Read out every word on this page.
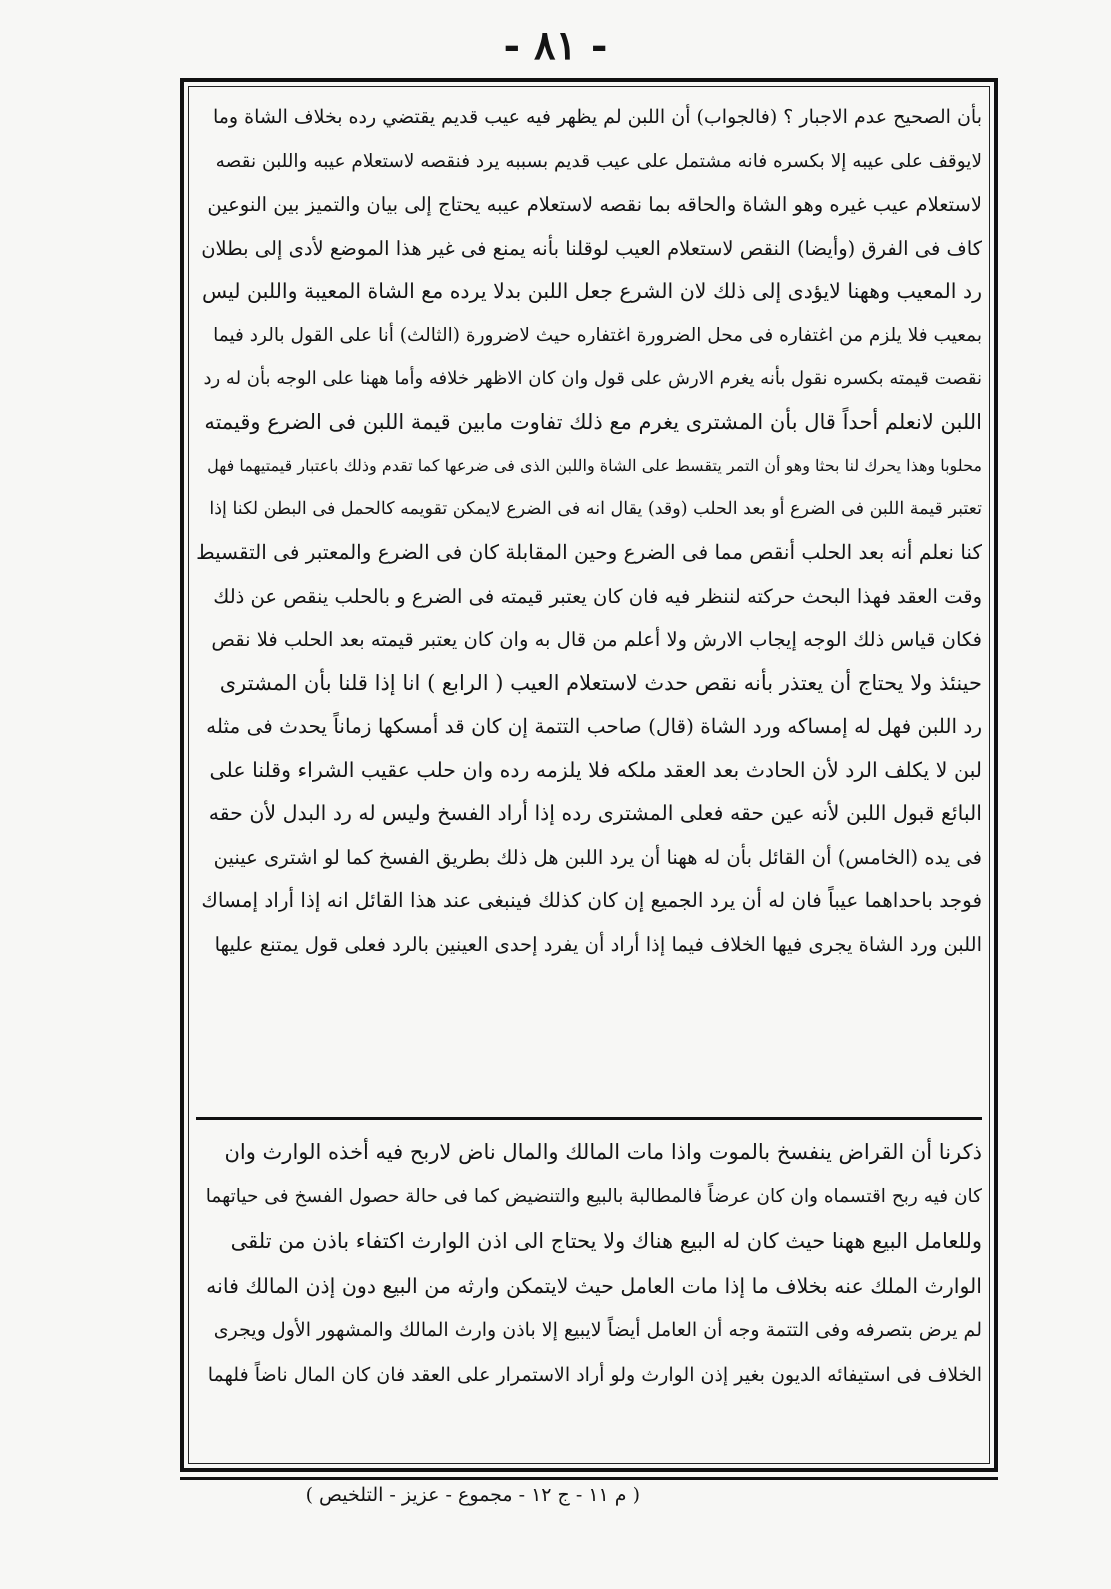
- ٨١ -
بأن الصحيح عدم الاجبار ؟ (فالجواب) أن اللبن لم يظهر فيه عيب قديم يقتضي رده بخلاف الشاة وما
لايوقف على عيبه إلا بكسره فانه مشتمل على عيب قديم بسببه يرد فنقصه لاستعلام عيبه واللبن نقصه
لاستعلام عيب غيره وهو الشاة والحاقه بما نقصه لاستعلام عيبه يحتاج إلى بيان والتميز بين النوعين
كاف فى الفرق (وأيضا) النقص لاستعلام العيب لوقلنا بأنه يمنع فى غير هذا الموضع لأدى إلى بطلان
رد المعيب وههنا لايؤدى إلى ذلك لان الشرع جعل اللبن بدلا يرده مع الشاة المعيبة واللبن ليس
بمعيب فلا يلزم من اغتفاره فى محل الضرورة اغتفاره حيث لاضرورة (الثالث) أنا على القول بالرد فيما
نقصت قيمته بكسره نقول بأنه يغرم الارش على قول وان كان الاظهر خلافه وأما ههنا على الوجه بأن له رد
اللبن لانعلم أحداً قال بأن المشترى يغرم مع ذلك تفاوت مابين قيمة اللبن فى الضرع وقيمته
محلوبا وهذا يحرك لنا بحثا وهو أن التمر يتقسط على الشاة واللبن الذى فى ضرعها كما تقدم وذلك باعتبار قيمتيهما فهل
تعتبر قيمة اللبن فى الضرع أو بعد الحلب (وقد) يقال انه فى الضرع لايمكن تقويمه كالحمل فى البطن لكنا إذا
كنا نعلم أنه بعد الحلب أنقص مما فى الضرع وحين المقابلة كان فى الضرع والمعتبر فى التقسيط
وقت العقد فهذا البحث حركته لننظر فيه فان كان يعتبر قيمته فى الضرع و بالحلب ينقص عن ذلك
فكان قياس ذلك الوجه إيجاب الارش ولا أعلم من قال به وان كان يعتبر قيمته بعد الحلب فلا نقص
حينئذ ولا يحتاج أن يعتذر بأنه نقص حدث لاستعلام العيب ( الرابع ) انا إذا قلنا بأن المشترى
رد اللبن فهل له إمساكه ورد الشاة (قال) صاحب التتمة إن كان قد أمسكها زماناً يحدث فى مثله
لبن لا يكلف الرد لأن الحادث بعد العقد ملكه فلا يلزمه رده وان حلب عقيب الشراء وقلنا على
البائع قبول اللبن لأنه عين حقه فعلى المشترى رده إذا أراد الفسخ وليس له رد البدل لأن حقه
فى يده (الخامس) أن القائل بأن له ههنا أن يرد اللبن هل ذلك بطريق الفسخ كما لو اشترى عينين
فوجد باحداهما عيباً فان له أن يرد الجميع إن كان كذلك فينبغى عند هذا القائل انه إذا أراد إمساك
اللبن ورد الشاة يجرى فيها الخلاف فيما إذا أراد أن يفرد إحدى العينين بالرد فعلى قول يمتنع عليها
ذكرنا أن القراض ينفسخ بالموت واذا مات المالك والمال ناض لاربح فيه أخذه الوارث وان
كان فيه ربح اقتسماه وان كان عرضاً فالمطالبة بالبيع والتنضيض كما فى حالة حصول الفسخ فى حياتهما
وللعامل البيع ههنا حيث كان له البيع هناك ولا يحتاج الى اذن الوارث اكتفاء باذن من تلقى
الوارث الملك عنه بخلاف ما إذا مات العامل حيث لايتمكن وارثه من البيع دون إذن المالك فانه
لم يرض بتصرفه وفى التتمة وجه أن العامل أيضاً لايبيع إلا باذن وارث المالك والمشهور الأول ويجرى
الخلاف فى استيفائه الديون بغير إذن الوارث ولو أراد الاستمرار على العقد فان كان المال ناضاً فلهما
( م ١١ - ج ١٢ - مجموع - عزيز - التلخيص )
